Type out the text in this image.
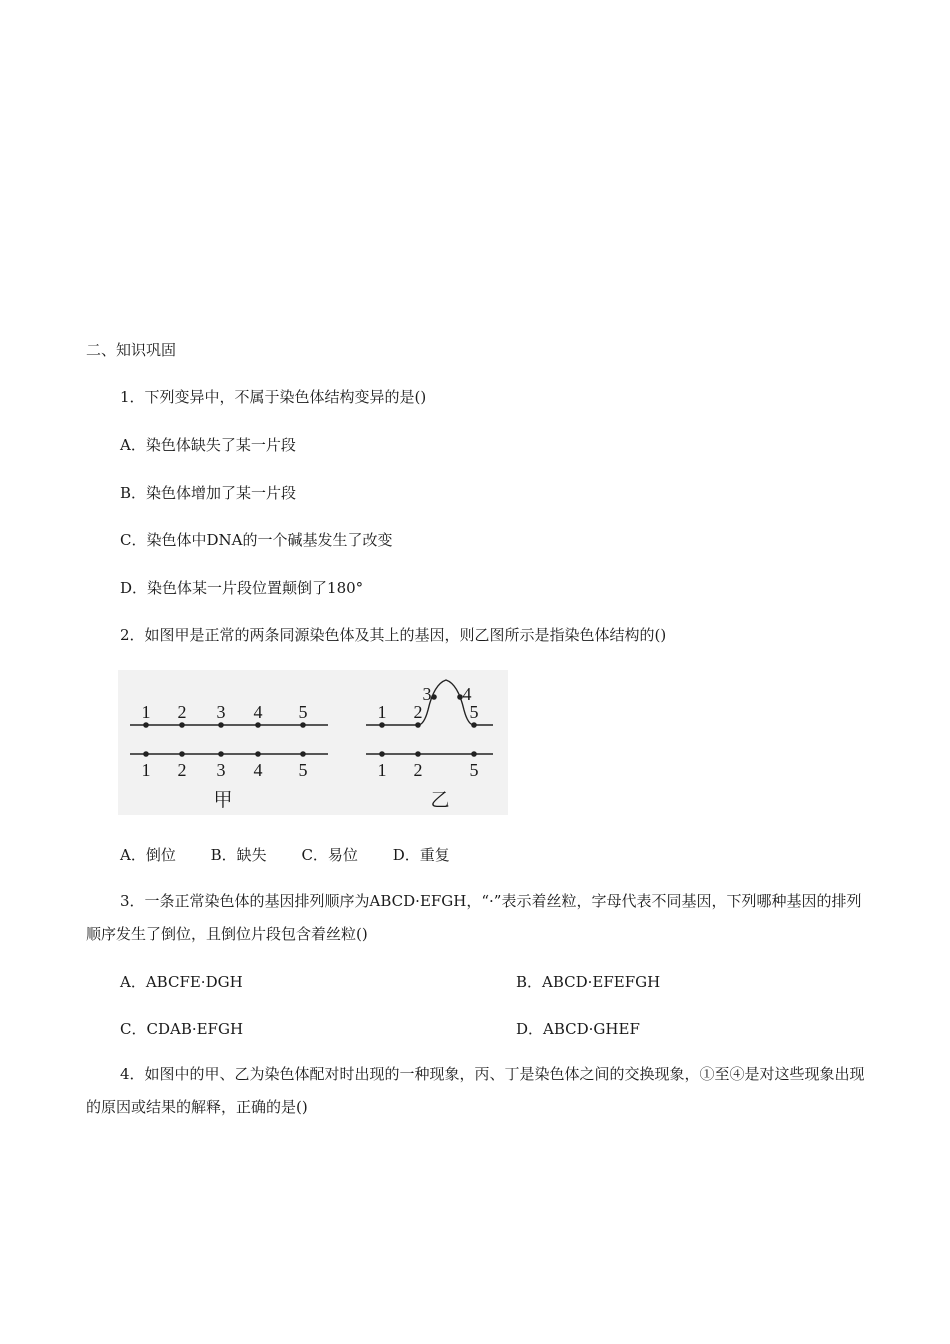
二、知识巩固
1．下列变异中，不属于染色体结构变异的是()
A．染色体缺失了某一片段
B．染色体增加了某一片段
C．染色体中DNA的一个碱基发生了改变
D．染色体某一片段位置颠倒了180°
2．如图甲是正常的两条同源染色体及其上的基因，则乙图所示是指染色体结构的()
1 2 3 4 5
1 2 3 4 5
甲
1 2
3 4
5
1 2	5
乙
A．倒位 B．缺失 C．易位 D．重复
3．一条正常染色体的基因排列顺序为ABCD·EFGH，“·”表示着丝粒，字母代表不同基因，下列哪种基因的排列顺序发生了倒位，且倒位片段包含着丝粒()
A．ABCFE·DGH	B．ABCD·EFEFGH
C．CDAB·EFGH	D．ABCD·GHEF
4．如图中的甲、乙为染色体配对时出现的一种现象，丙、丁是染色体之间的交换现象，①至④是对这些现象出现的原因或结果的解释，正确的是()
